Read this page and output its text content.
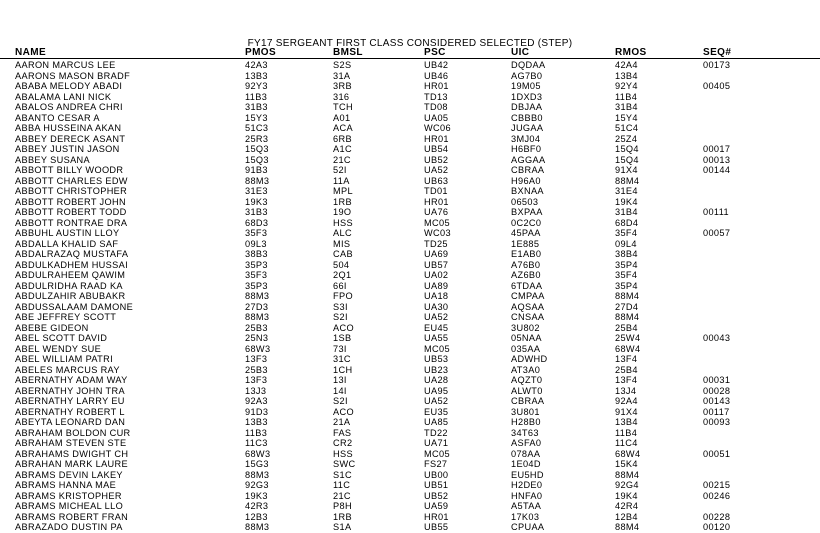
FY17 SERGEANT FIRST CLASS CONSIDERED SELECTED (STEP)
NAME	PMOS	BMSL	PSC	UIC	RMOS	SEQ#
AARON MARCUS LEE	42A3	S2S	UB42	DQDAA	42A4	00173
AARONS MASON BRADF	13B3	31A	UB46	AG7B0	13B4
ABABA MELODY ABADI	92Y3	3RB	HR01	19M05	92Y4	00405
ABALAMA LANI NICK	11B3	316	TD13	1DXD3	11B4
ABALOS ANDREA CHRI	31B3	TCH	TD08	DBJAA	31B4
ABANTO CESAR A	15Y3	A01	UA05	CBBB0	15Y4
ABBA HUSSEINA AKAN	51C3	ACA	WC06	JUGAA	51C4
ABBEY DERECK ASANT	25R3	6RB	HR01	3MJ04	25Z4
ABBEY JUSTIN JASON	15Q3	A1C	UB54	H6BF0	15Q4	00017
ABBEY SUSANA	15Q3	21C	UB52	AGGAA	15Q4	00013
ABBOTT BILLY WOODR	91B3	52I	UA52	CBRAA	91X4	00144
ABBOTT CHARLES EDW	88M3	11A	UB63	H96A0	88M4
ABBOTT CHRISTOPHER	31E3	MPL	TD01	BXNAA	31E4
ABBOTT ROBERT JOHN	19K3	1RB	HR01	06503	19K4
ABBOTT ROBERT TODD	31B3	19O	UA76	BXPAA	31B4	00111
ABBOTT RONTRAE DRA	68D3	HSS	MC05	0C2C0	68D4
ABBUHL AUSTIN LLOY	35F3	ALC	WC03	45PAA	35F4	00057
ABDALLA KHALID SAF	09L3	MIS	TD25	1E885	09L4
ABDALRAZAQ MUSTAFA	38B3	CAB	UA69	E1AB0	38B4
ABDULKADHEM HUSSAI	35P3	504	UB57	A76B0	35P4
ABDULRAHEEM QAWIM	35F3	2Q1	UA02	AZ6B0	35F4
ABDULRIDHA RAAD KA	35P3	66I	UA89	6TDAA	35P4
ABDULZAHIR ABUBAKR	88M3	FPO	UA18	CMPAA	88M4
ABDUSSALAAM DAMONE	27D3	S3I	UA30	AQSAA	27D4
ABE JEFFREY SCOTT	88M3	S2I	UA52	CNSAA	88M4
ABEBE GIDEON	25B3	ACO	EU45	3U802	25B4
ABEL SCOTT DAVID	25N3	1SB	UA55	05NAA	25W4	00043
ABEL WENDY SUE	68W3	73I	MC05	035AA	68W4
ABEL WILLIAM PATRI	13F3	31C	UB53	ADWHD	13F4
ABELES MARCUS RAY	25B3	1CH	UB23	AT3A0	25B4
ABERNATHY ADAM WAY	13F3	13I	UA28	AQZT0	13F4	00031
ABERNATHY JOHN TRA	13J3	14I	UA95	ALWT0	13J4	00028
ABERNATHY LARRY EU	92A3	S2I	UA52	CBRAA	92A4	00143
ABERNATHY ROBERT L	91D3	ACO	EU35	3U801	91X4	00117
ABEYTA LEONARD DAN	13B3	21A	UA85	H28B0	13B4	00093
ABRAHAM BOLDON CUR	11B3	FAS	TD22	34T63	11B4
ABRAHAM STEVEN STE	11C3	CR2	UA71	ASFA0	11C4
ABRAHAMS DWIGHT CH	68W3	HSS	MC05	078AA	68W4	00051
ABRAHAN MARK LAURE	15G3	SWC	FS27	1E04D	15K4
ABRAMS DEVIN LAKEY	88M3	S1C	UB00	EU5HD	88M4
ABRAMS HANNA MAE	92G3	11C	UB51	H2DE0	92G4	00215
ABRAMS KRISTOPHER	19K3	21C	UB52	HNFA0	19K4	00246
ABRAMS MICHEAL LLO	42R3	P8H	UA59	A5TAA	42R4
ABRAMS ROBERT FRAN	12B3	1RB	HR01	17K03	12B4	00228
ABRAZADO DUSTIN PA	88M3	S1A	UB55	CPUAA	88M4	00120
